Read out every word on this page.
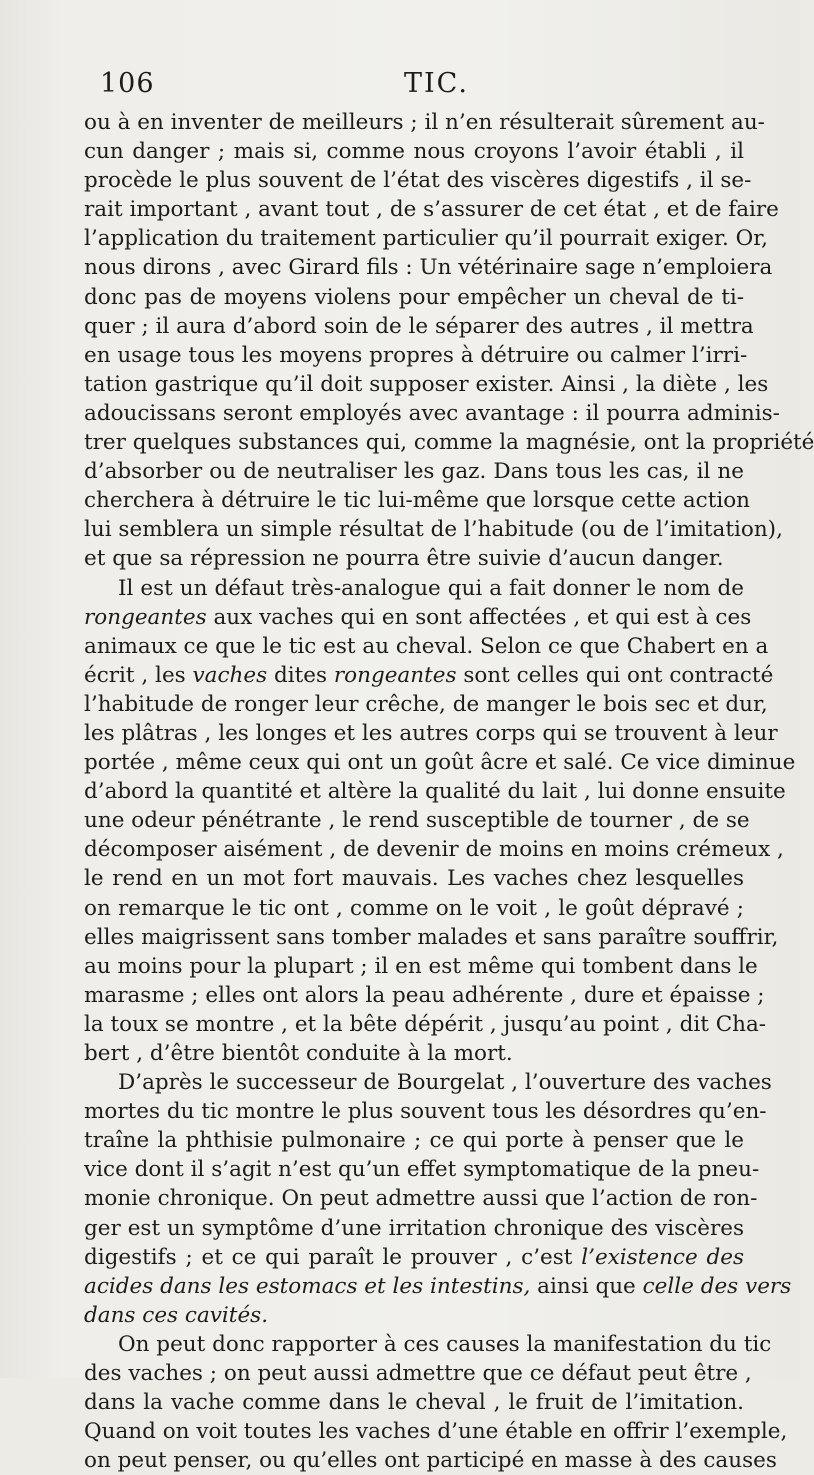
106	TIC.
ou à en inventer de meilleurs ; il n’en résulterait sûrement au-
cun danger ; mais si, comme nous croyons l’avoir établi , il
procède le plus souvent de l’état des viscères digestifs , il se-
rait important , avant tout , de s’assurer de cet état , et de faire
l’application du traitement particulier qu’il pourrait exiger. Or,
nous dirons , avec Girard fils : Un vétérinaire sage n’emploiera
donc pas de moyens violens pour empêcher un cheval de ti-
quer ; il aura d’abord soin de le séparer des autres , il mettra
en usage tous les moyens propres à détruire ou calmer l’irri-
tation gastrique qu’il doit supposer exister. Ainsi , la diète , les
adoucissans seront employés avec avantage : il pourra adminis-
trer quelques substances qui, comme la magnésie, ont la propriété
d’absorber ou de neutraliser les gaz. Dans tous les cas, il ne
cherchera à détruire le tic lui-même que lorsque cette action
lui semblera un simple résultat de l’habitude (ou de l’imitation),
et que sa répression ne pourra être suivie d’aucun danger.
Il est un défaut très-analogue qui a fait donner le nom de
rongeantes aux vaches qui en sont affectées , et qui est à ces
animaux ce que le tic est au cheval. Selon ce que Chabert en a
écrit , les vaches dites rongeantes sont celles qui ont contracté
l’habitude de ronger leur crêche, de manger le bois sec et dur,
les plâtras , les longes et les autres corps qui se trouvent à leur
portée , même ceux qui ont un goût âcre et salé. Ce vice diminue
d’abord la quantité et altère la qualité du lait , lui donne ensuite
une odeur pénétrante , le rend susceptible de tourner , de se
décomposer aisément , de devenir de moins en moins crémeux ,
le rend en un mot fort mauvais. Les vaches chez lesquelles
on remarque le tic ont , comme on le voit , le goût dépravé ;
elles maigrissent sans tomber malades et sans paraître souffrir,
au moins pour la plupart ; il en est même qui tombent dans le
marasme ; elles ont alors la peau adhérente , dure et épaisse ;
la toux se montre , et la bête dépérit , jusqu’au point , dit Cha-
bert , d’être bientôt conduite à la mort.
D’après le successeur de Bourgelat , l’ouverture des vaches
mortes du tic montre le plus souvent tous les désordres qu’en-
traîne la phthisie pulmonaire ; ce qui porte à penser que le
vice dont il s’agit n’est qu’un effet symptomatique de la pneu-
monie chronique. On peut admettre aussi que l’action de ron-
ger est un symptôme d’une irritation chronique des viscères
digestifs ; et ce qui paraît le prouver , c’est l’existence des
acides dans les estomacs et les intestins, ainsi que celle des vers
dans ces cavités.
On peut donc rapporter à ces causes la manifestation du tic
des vaches ; on peut aussi admettre que ce défaut peut être ,
dans la vache comme dans le cheval , le fruit de l’imitation.
Quand on voit toutes les vaches d’une étable en offrir l’exemple,
on peut penser, ou qu’elles ont participé en masse à des causes
